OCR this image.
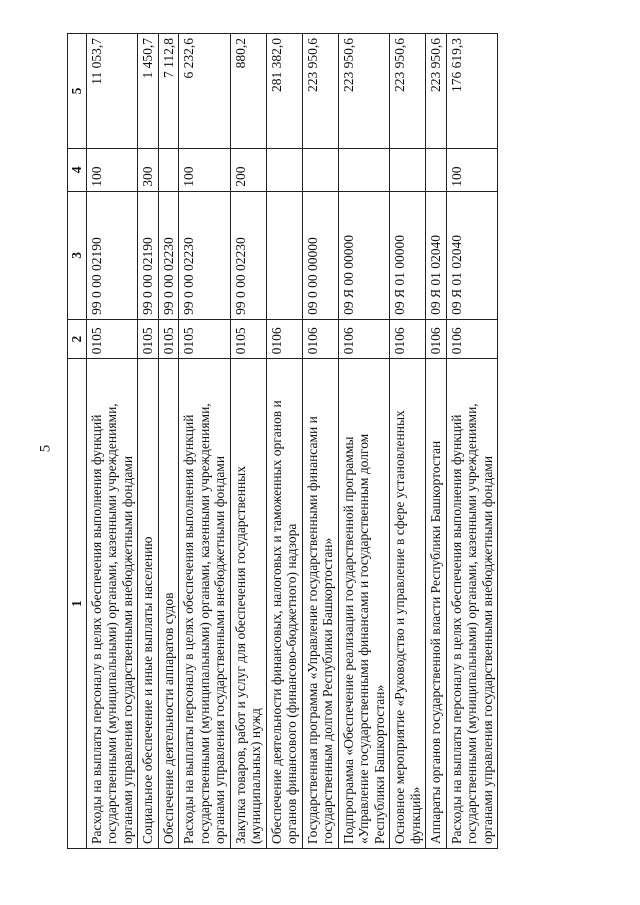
5
1	2	3	4	5
Расходы на выплаты персоналу в целях обеспечения выполнения функций государственными (муниципальными) органами, казенными учреждениями, органами управления государственными внебюджетными фондами	0105	99 0 00 02190	100	11 053,7
Социальное обеспечение и иные выплаты населению	0105	99 0 00 02190	300	1 450,7
Обеспечение деятельности аппаратов судов	0105	99 0 00 02230		7 112,8
Расходы на выплаты персоналу в целях обеспечения выполнения функций государственными (муниципальными) органами, казенными учреждениями, органами управления государственными внебюджетными фондами	0105	99 0 00 02230	100	6 232,6
Закупка товаров, работ и услуг для обеспечения государственных (муниципальных) нужд	0105	99 0 00 02230	200	880,2
Обеспечение деятельности финансовых, налоговых и таможенных органов и органов финансового (финансово-бюджетного) надзора	0106			281 382,0
Государственная программа «Управление государственными финансами и государственным долгом Республики Башкортостан»	0106	09 0 00 00000		223 950,6
Подпрограмма «Обеспечение реализации государственной программы «Управление государственными финансами и государственным долгом Республики Башкортостан»	0106	09 Я 00 00000		223 950,6
Основное мероприятие «Руководство и управление в сфере установленных функций»	0106	09 Я 01 00000		223 950,6
Аппараты органов государственной власти Республики Башкортостан	0106	09 Я 01 02040		223 950,6
Расходы на выплаты персоналу в целях обеспечения выполнения функций государственными (муниципальными) органами, казенными учреждениями, органами управления государственными внебюджетными фондами	0106	09 Я 01 02040	100	176 619,3
